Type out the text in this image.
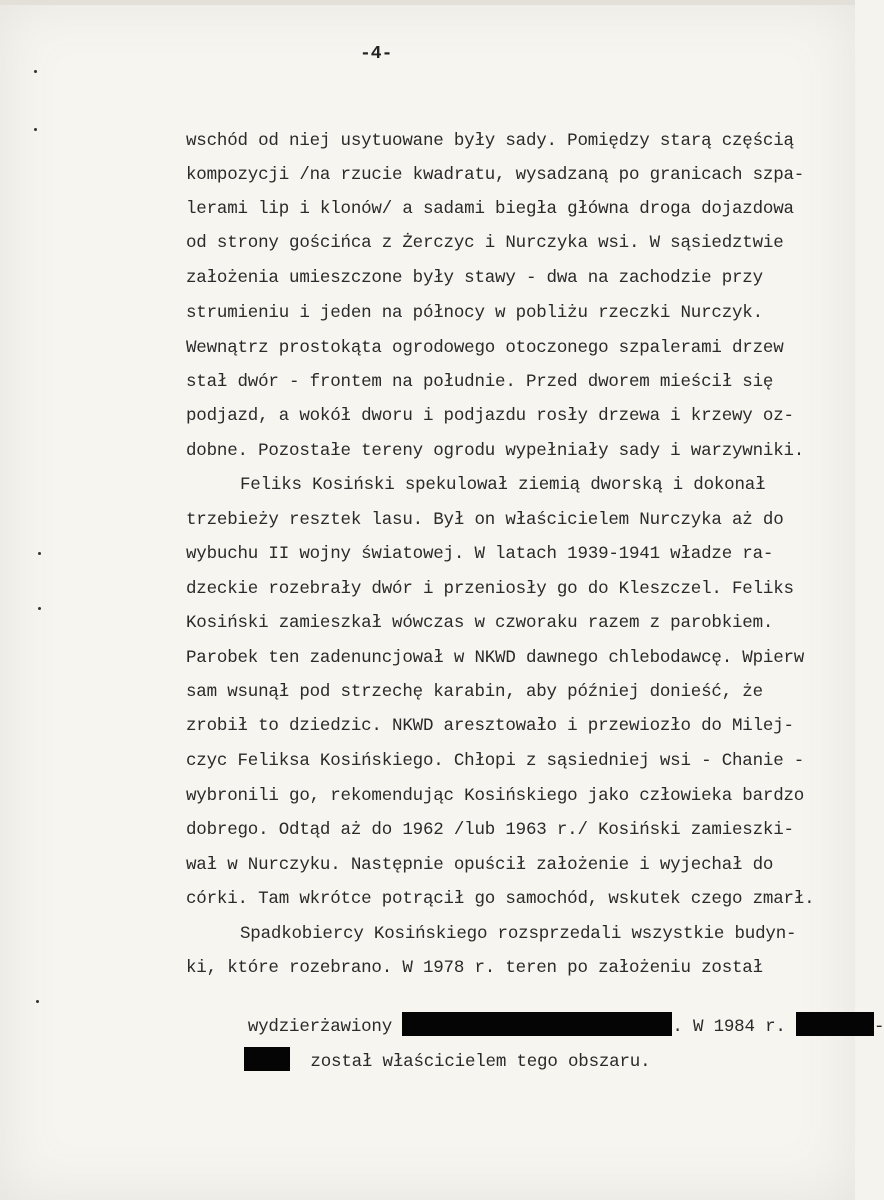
-4-
wschód od niej usytuowane były sady. Pomiędzy starą częścią
kompozycji /na rzucie kwadratu, wysadzaną po granicach szpa-
lerami lip i klonów/ a sadami biegła główna droga dojazdowa
od strony gościńca z Żerczyc i Nurczyka wsi. W sąsiedztwie
założenia umieszczone były stawy - dwa na zachodzie przy
strumieniu i jeden na północy w pobliżu rzeczki Nurczyk.
Wewnątrz prostokąta ogrodowego otoczonego szpalerami drzew
stał dwór - frontem na południe. Przed dworem mieścił się
podjazd, a wokół dworu i podjazdu rosły drzewa i krzewy oz-
dobne. Pozostałe tereny ogrodu wypełniały sady i warzywniki.
Feliks Kosiński spekulował ziemią dworską i dokonał
trzebieży resztek lasu. Był on właścicielem Nurczyka aż do
wybuchu II wojny światowej. W latach 1939-1941 władze ra-
dzeckie rozebrały dwór i przeniosły go do Kleszczel. Feliks
Kosiński zamieszkał wówczas w czworaku razem z parobkiem.
Parobek ten zadenuncjował w NKWD dawnego chlebodawcę. Wpierw
sam wsunął pod strzechę karabin, aby później donieść, że
zrobił to dziedzic. NKWD aresztowało i przewiozło do Milej-
czyc Feliksa Kosińskiego. Chłopi z sąsiedniej wsi - Chanie -
wybronili go, rekomendując Kosińskiego jako człowieka bardzo
dobrego. Odtąd aż do 1962 /lub 1963 r./ Kosiński zamieszki-
wał w Nurczyku. Następnie opuścił założenie i wyjechał do
córki. Tam wkrótce potrącił go samochód, wskutek czego zmarł.
Spadkobiercy Kosińskiego rozsprzedali wszystkie budyn-
ki, które rozebrano. W 1978 r. teren po założeniu został

wydzierżawiony	. W 1984 r.	-

został właścicielem tego obszaru.
